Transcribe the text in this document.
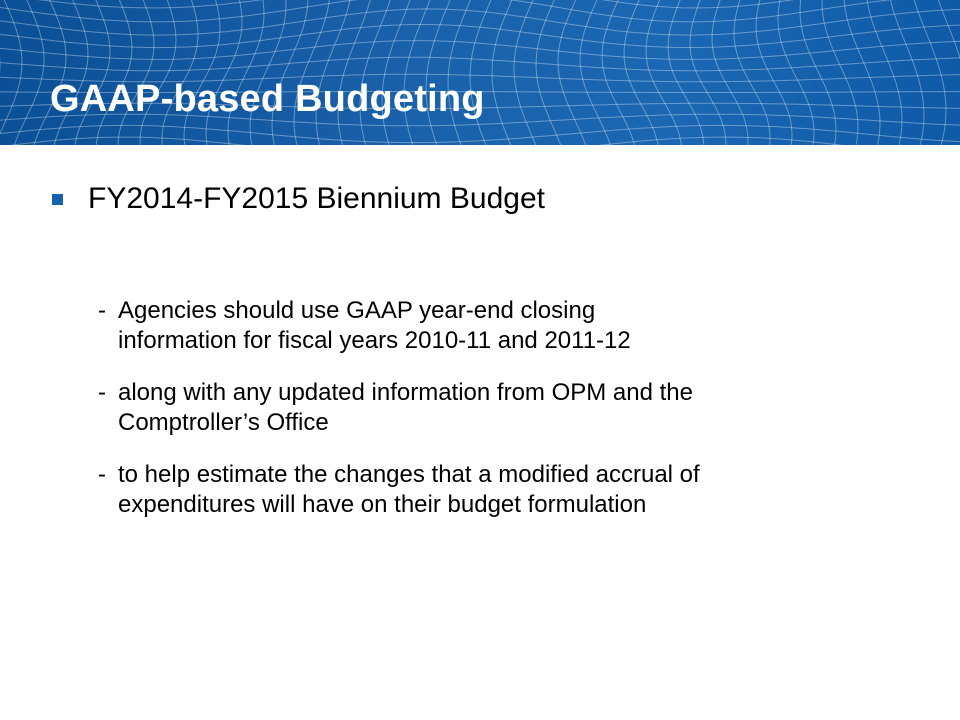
GAAP-based Budgeting
FY2014-FY2015 Biennium Budget
- Agencies should use GAAP year-end closing
information for fiscal years 2010-11 and 2011-12
- along with any updated information from OPM and the
Comptroller’s Office
- to help estimate the changes that a modified accrual of
expenditures will have on their budget formulation
